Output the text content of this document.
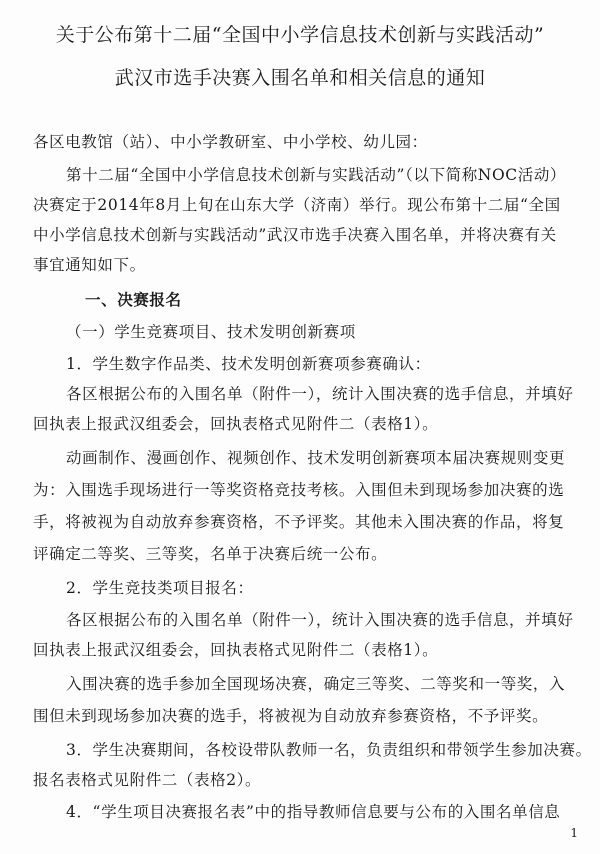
关于公布第十二届“全国中小学信息技术创新与实践活动”
武汉市选手决赛入围名单和相关信息的通知
各区电教馆（站）、中小学教研室、中小学校、幼儿园：
第十二届“全国中小学信息技术创新与实践活动”（以下简称NOC活动）
决赛定于2014年8月上旬在山东大学（济南）举行。现公布第十二届“全国
中小学信息技术创新与实践活动”武汉市选手决赛入围名单，并将决赛有关
事宜通知如下。
一、决赛报名
（一）学生竞赛项目、技术发明创新赛项
1．学生数字作品类、技术发明创新赛项参赛确认：
各区根据公布的入围名单（附件一），统计入围决赛的选手信息，并填好
回执表上报武汉组委会，回执表格式见附件二（表格1）。
动画制作、漫画创作、视频创作、技术发明创新赛项本届决赛规则变更
为：入围选手现场进行一等奖资格竞技考核。入围但未到现场参加决赛的选
手，将被视为自动放弃参赛资格，不予评奖。其他未入围决赛的作品，将复
评确定二等奖、三等奖，名单于决赛后统一公布。
2．学生竞技类项目报名：
各区根据公布的入围名单（附件一），统计入围决赛的选手信息，并填好
回执表上报武汉组委会，回执表格式见附件二（表格1）。
入围决赛的选手参加全国现场决赛，确定三等奖、二等奖和一等奖，入
围但未到现场参加决赛的选手，将被视为自动放弃参赛资格，不予评奖。
3．学生决赛期间，各校设带队教师一名，负责组织和带领学生参加决赛。
报名表格式见附件二（表格2）。
4．“学生项目决赛报名表”中的指导教师信息要与公布的入围名单信息
1
